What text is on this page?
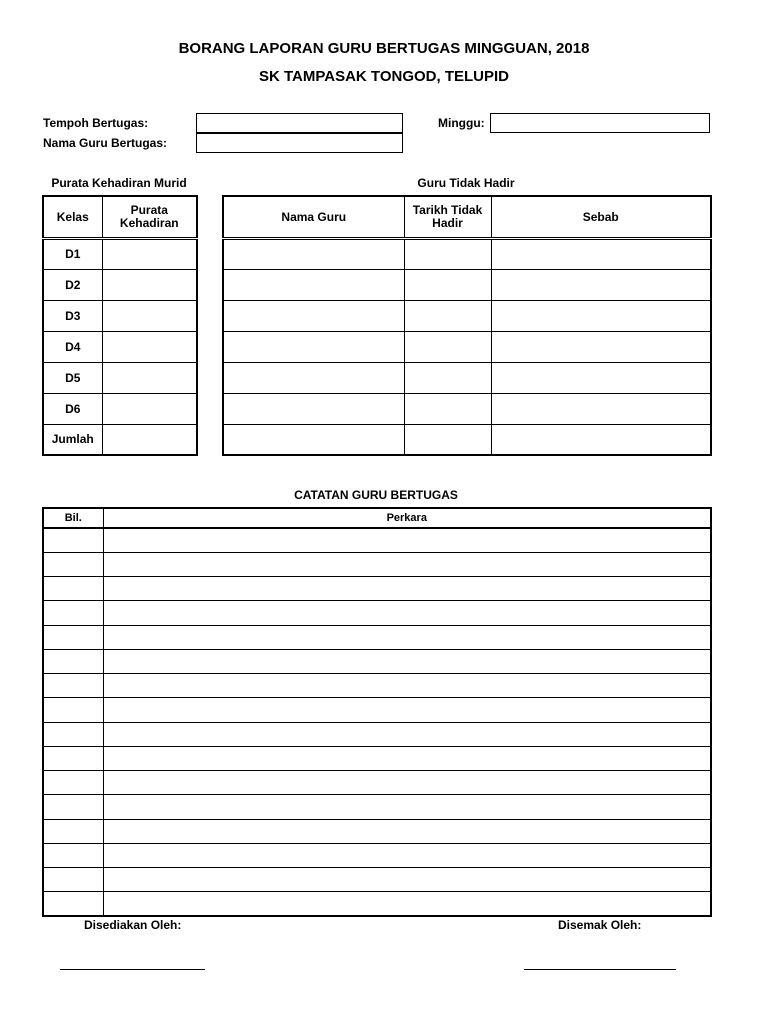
BORANG LAPORAN GURU BERTUGAS MINGGUAN, 2018
SK TAMPASAK TONGOD, TELUPID
Tempoh Bertugas:
Nama Guru Bertugas:
Minggu:
Purata Kehadiran Murid	Guru Tidak Hadir
Kelas	Purata Kehadiran
D1	
D2	
D3	
D4	
D5	
D6	
Jumlah	
Nama Guru	Tarikh Tidak Hadir	Sebab

CATATAN GURU BERTUGAS
Bil.	Perkara

Disediakan Oleh:	Disemak Oleh:
